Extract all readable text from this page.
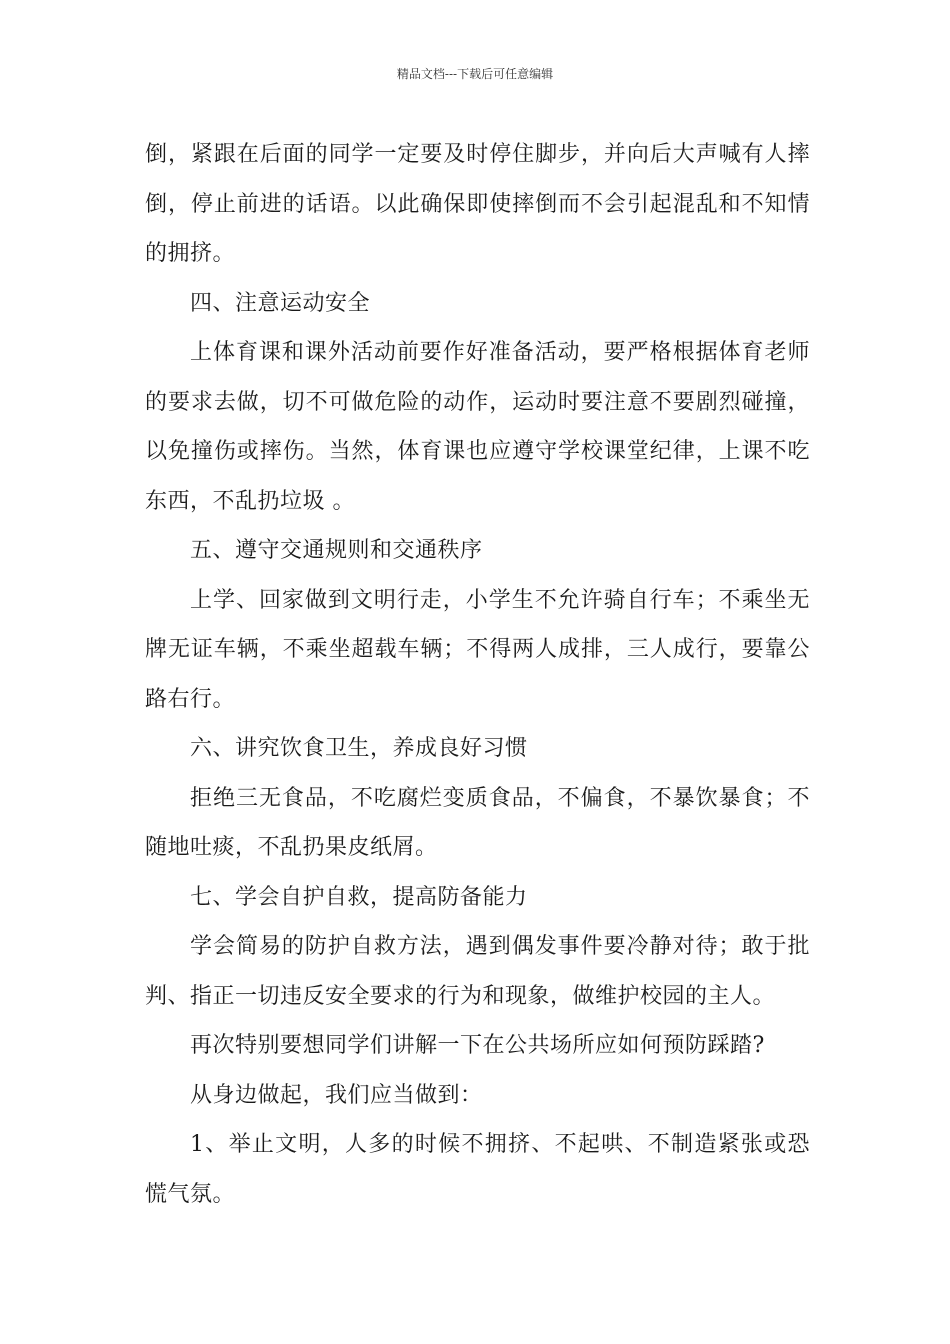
精品文档---下载后可任意编辑

倒，紧跟在后面的同学一定要及时停住脚步，并向后大声喊有人摔倒，停止前进的话语。以此确保即使摔倒而不会引起混乱和不知情的拥挤。

四、注意运动安全

上体育课和课外活动前要作好准备活动，要严格根据体育老师的要求去做，切不可做危险的动作，运动时要注意不要剧烈碰撞，以免撞伤或摔伤。当然，体育课也应遵守学校课堂纪律，上课不吃东西，不乱扔垃圾 。

五、遵守交通规则和交通秩序

上学、回家做到文明行走，小学生不允许骑自行车；不乘坐无牌无证车辆，不乘坐超载车辆；不得两人成排，三人成行，要靠公路右行。

六、讲究饮食卫生，养成良好习惯

拒绝三无食品，不吃腐烂变质食品，不偏食，不暴饮暴食；不随地吐痰，不乱扔果皮纸屑。

七、学会自护自救，提高防备能力

学会简易的防护自救方法，遇到偶发事件要冷静对待；敢于批判、指正一切违反安全要求的行为和现象，做维护校园的主人。

再次特别要想同学们讲解一下在公共场所应如何预防踩踏?

从身边做起，我们应当做到：

1、举止文明，人多的时候不拥挤、不起哄、不制造紧张或恐慌气氛。
